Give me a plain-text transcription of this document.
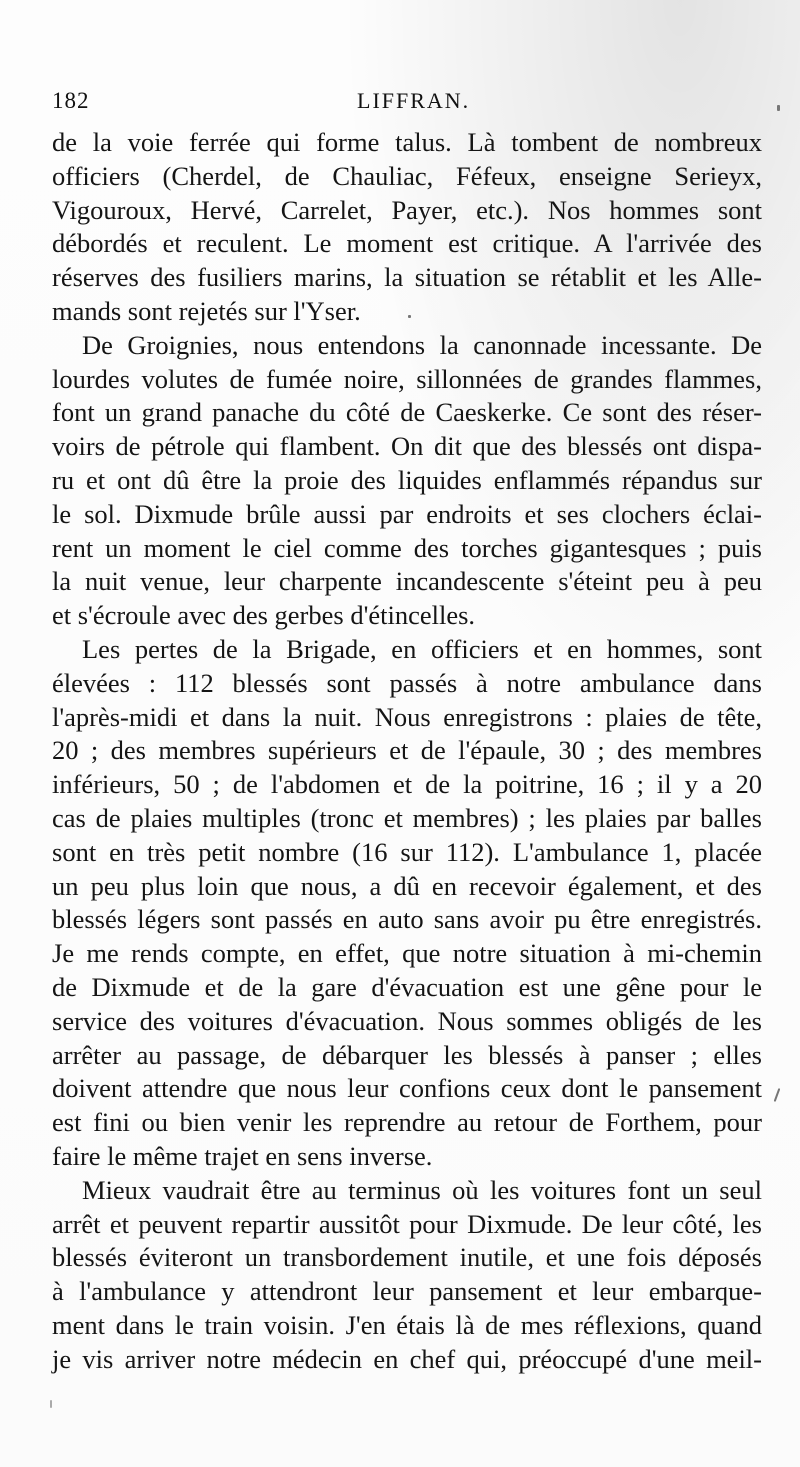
182	LIFFRAN.
de la voie ferrée qui forme talus. Là tombent de nombreux
officiers (Cherdel, de Chauliac, Féfeux, enseigne Serieyx,
Vigouroux, Hervé, Carrelet, Payer, etc.). Nos hommes sont
débordés et reculent. Le moment est critique. A l'arrivée des
réserves des fusiliers marins, la situation se rétablit et les Alle-
mands sont rejetés sur l'Yser.
De Groignies, nous entendons la canonnade incessante. De
lourdes volutes de fumée noire, sillonnées de grandes flammes,
font un grand panache du côté de Caeskerke. Ce sont des réser-
voirs de pétrole qui flambent. On dit que des blessés ont dispa-
ru et ont dû être la proie des liquides enflammés répandus sur
le sol. Dixmude brûle aussi par endroits et ses clochers éclai-
rent un moment le ciel comme des torches gigantesques ; puis
la nuit venue, leur charpente incandescente s'éteint peu à peu
et s'écroule avec des gerbes d'étincelles.
Les pertes de la Brigade, en officiers et en hommes, sont
élevées : 112 blessés sont passés à notre ambulance dans
l'après-midi et dans la nuit. Nous enregistrons : plaies de tête,
20 ; des membres supérieurs et de l'épaule, 30 ; des membres
inférieurs, 50 ; de l'abdomen et de la poitrine, 16 ; il y a 20
cas de plaies multiples (tronc et membres) ; les plaies par balles
sont en très petit nombre (16 sur 112). L'ambulance 1, placée
un peu plus loin que nous, a dû en recevoir également, et des
blessés légers sont passés en auto sans avoir pu être enregistrés.
Je me rends compte, en effet, que notre situation à mi-chemin
de Dixmude et de la gare d'évacuation est une gêne pour le
service des voitures d'évacuation. Nous sommes obligés de les
arrêter au passage, de débarquer les blessés à panser ; elles
doivent attendre que nous leur confions ceux dont le pansement
est fini ou bien venir les reprendre au retour de Forthem, pour
faire le même trajet en sens inverse.
Mieux vaudrait être au terminus où les voitures font un seul
arrêt et peuvent repartir aussitôt pour Dixmude. De leur côté, les
blessés éviteront un transbordement inutile, et une fois déposés
à l'ambulance y attendront leur pansement et leur embarque-
ment dans le train voisin. J'en étais là de mes réflexions, quand
je vis arriver notre médecin en chef qui, préoccupé d'une meil-
